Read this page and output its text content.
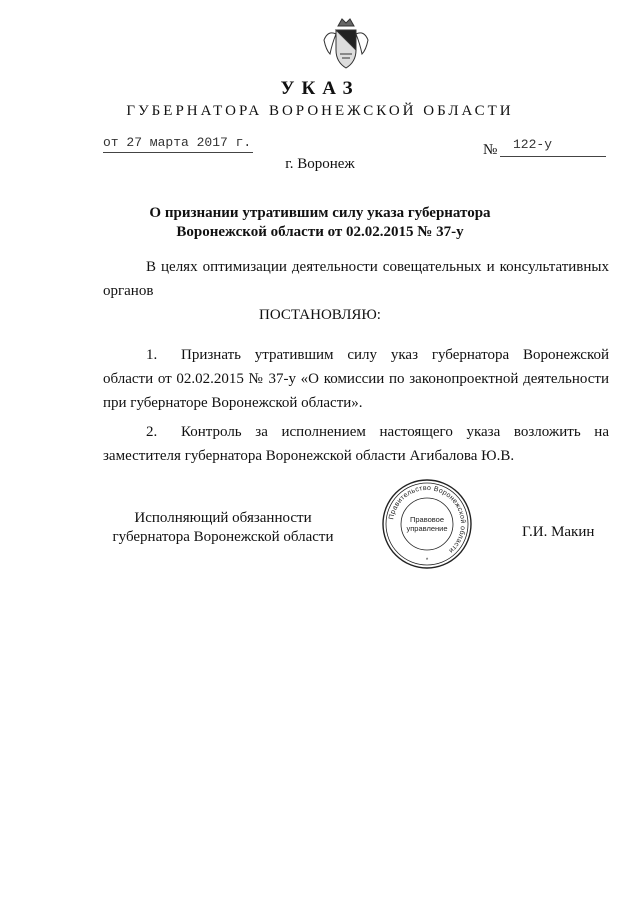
УКАЗ
ГУБЕРНАТОРА ВОРОНЕЖСКОЙ ОБЛАСТИ
от 27 марта 2017 г.	№ 122-у
г. Воронеж
О признании утратившим силу указа губернатора
Воронежской области от 02.02.2015 № 37-у
В целях оптимизации деятельности совещательных и консультативных органов
ПОСТАНОВЛЯЮ:
1. Признать утратившим силу указ губернатора Воронежской области от 02.02.2015 № 37-у «О комиссии по законопроектной деятельности при губернаторе Воронежской области».
2. Контроль за исполнением настоящего указа возложить на заместителя губернатора Воронежской области Агибалова Ю.В.
Исполняющий обязанности
губернатора Воронежской области
Правительство Воронежской области
Правовое
управление
*
Г.И. Макин
